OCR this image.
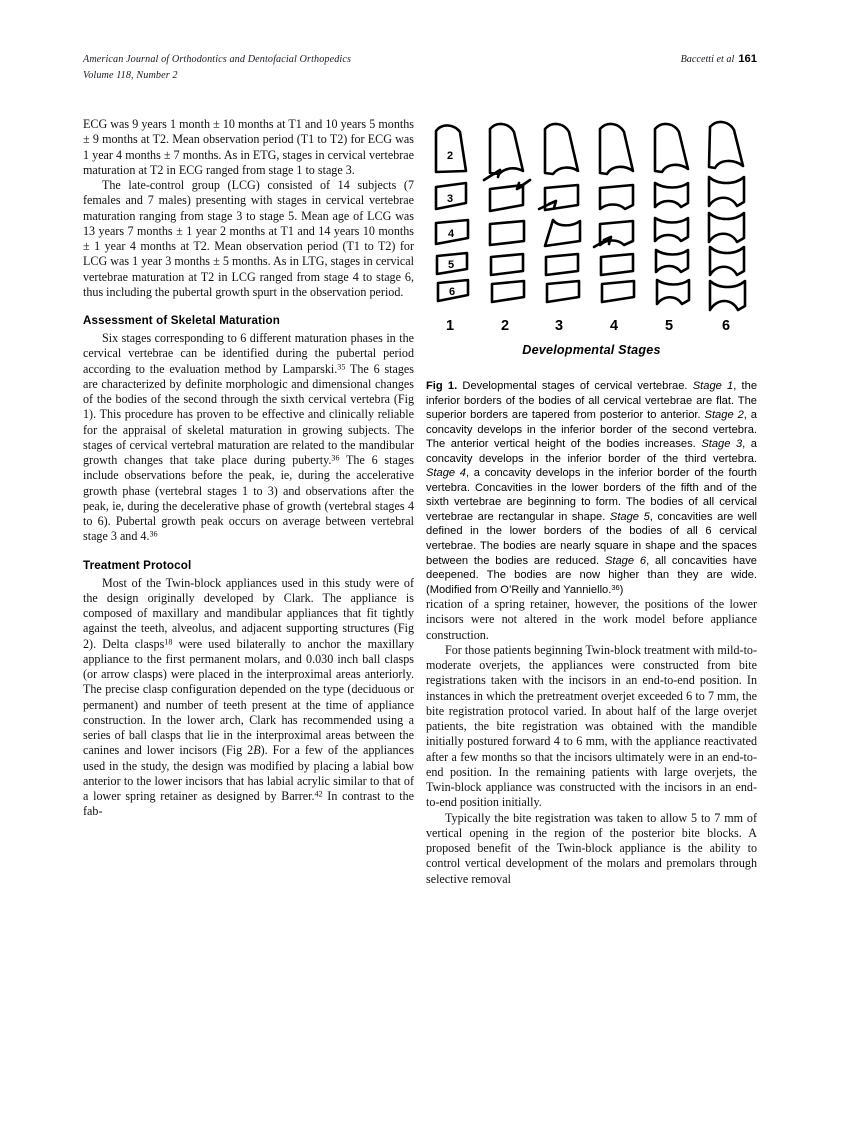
American Journal of Orthodontics and Dentofacial Orthopedics
Volume 118, Number 2
Baccetti et al 161

ECG was 9 years 1 month ± 10 months at T1 and 10 years 5 months ± 9 months at T2. Mean observation period (T1 to T2) for ECG was 1 year 4 months ± 7 months. As in ETG, stages in cervical vertebrae maturation at T2 in ECG ranged from stage 1 to stage 3.

The late-control group (LCG) consisted of 14 subjects (7 females and 7 males) presenting with stages in cervical vertebrae maturation ranging from stage 3 to stage 5. Mean age of LCG was 13 years 7 months ± 1 year 2 months at T1 and 14 years 10 months ± 1 year 4 months at T2. Mean observation period (T1 to T2) for LCG was 1 year 3 months ± 5 months. As in LTG, stages in cervical vertebrae maturation at T2 in LCG ranged from stage 4 to stage 6, thus including the pubertal growth spurt in the observation period.

Assessment of Skeletal Maturation

Six stages corresponding to 6 different maturation phases in the cervical vertebrae can be identified during the pubertal period according to the evaluation method by Lamparski.$^{35}$ The 6 stages are characterized by definite morphologic and dimensional changes of the bodies of the second through the sixth cervical vertebra (Fig 1). This procedure has proven to be effective and clinically reliable for the appraisal of skeletal maturation in growing subjects. The stages of cervical vertebral maturation are related to the mandibular growth changes that take place during puberty.$^{36}$ The 6 stages include observations before the peak, ie, during the accelerative growth phase (vertebral stages 1 to 3) and observations after the peak, ie, during the decelerative phase of growth (vertebral stages 4 to 6). Pubertal growth peak occurs on average between vertebral stage 3 and 4.36

Treatment Protocol

Most of the Twin-block appliances used in this study were of the design originally developed by Clark. The appliance is composed of maxillary and mandibular appliances that fit tightly against the teeth, alveolus, and adjacent supporting structures (Fig 2). Delta clasps$^{18}$ were used bilaterally to anchor the maxillary appliance to the first permanent molars, and 0.030 inch ball clasps (or arrow clasps) were placed in the interproximal areas anteriorly. The precise clasp configuration depended on the type (deciduous or permanent) and number of teeth present at the time of appliance construction. In the lower arch, Clark has recommended using a series of ball clasps that lie in the interproximal areas between the canines and lower incisors (Fig 2B). For a few of the appliances used in the study, the design was modified by placing a labial bow anterior to the lower incisors that has labial acrylic similar to that of a lower spring retainer as designed by Barrer.$^{42}$ In contrast to the fab-

2
3
4
5
6
1	2	3	4	5	6
Developmental Stages

Fig 1. Developmental stages of cervical vertebrae. Stage 1, the inferior borders of the bodies of all cervical vertebrae are flat. The superior borders are tapered from posterior to anterior. Stage 2, a concavity develops in the inferior border of the second vertebra. The anterior vertical height of the bodies increases. Stage 3, a concavity develops in the inferior border of the third vertebra. Stage 4, a concavity develops in the inferior border of the fourth vertebra. Concavities in the lower borders of the fifth and of the sixth vertebrae are beginning to form. The bodies of all cervical vertebrae are rectangular in shape. Stage 5, concavities are well defined in the lower borders of the bodies of all 6 cervical vertebrae. The bodies are nearly square in shape and the spaces between the bodies are reduced. Stage 6, all concavities have deepened. The bodies are now higher than they are wide. (Modified from O’Reilly and Yanniello.$^{36}$)

rication of a spring retainer, however, the positions of the lower incisors were not altered in the work model before appliance construction.

For those patients beginning Twin-block treatment with mild-to-moderate overjets, the appliances were constructed from bite registrations taken with the incisors in an end-to-end position. In instances in which the pretreatment overjet exceeded 6 to 7 mm, the bite registration protocol varied. In about half of the large overjet patients, the bite registration was obtained with the mandible initially postured forward 4 to 6 mm, with the appliance reactivated after a few months so that the incisors ultimately were in an end-to-end position. In the remaining patients with large overjets, the Twin-block appliance was constructed with the incisors in an end-to-end position initially.

Typically the bite registration was taken to allow 5 to 7 mm of vertical opening in the region of the posterior bite blocks. A proposed benefit of the Twin-block appliance is the ability to control vertical development of the molars and premolars through selective removal
